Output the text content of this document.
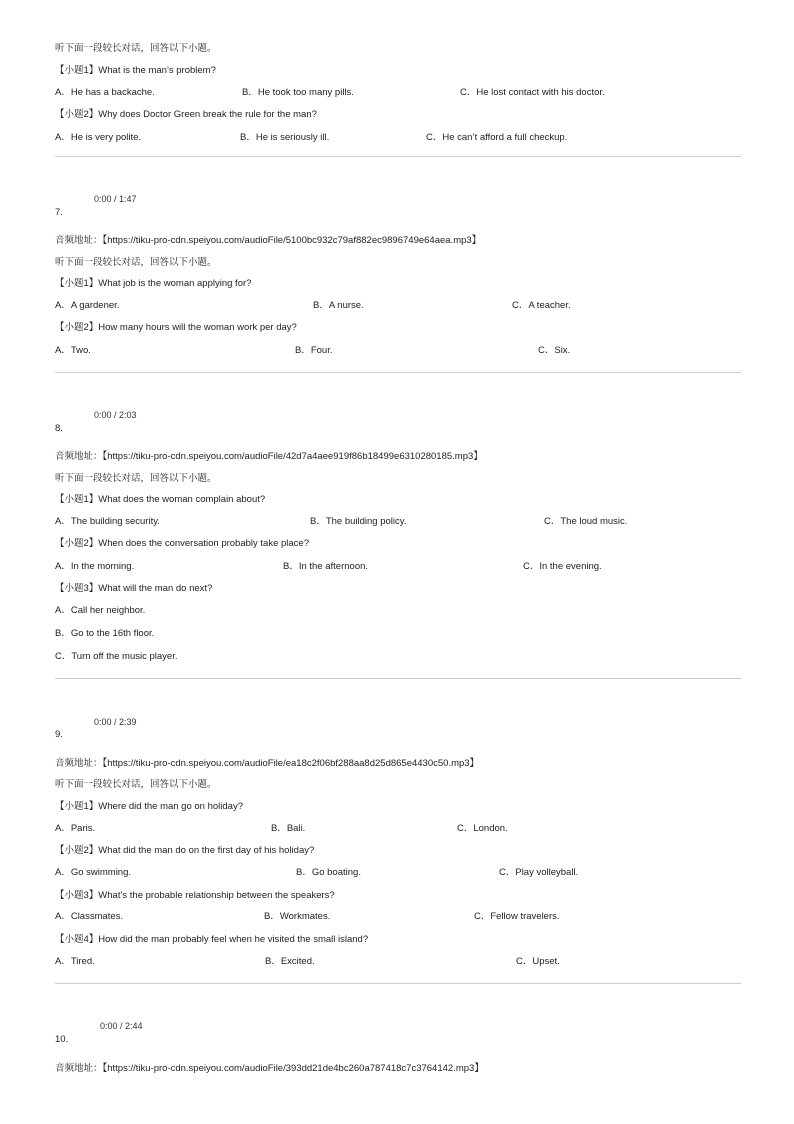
听下面一段较长对话，回答以下小题。
【小题1】What is the man’s problem?
A．He has a backache.	B．He took too many pills.	C．He lost contact with his doctor.
【小题2】Why does Doctor Green break the rule for the man?
A．He is very polite.	B．He is seriously ill.	C．He can’t afford a full checkup.
0:00 / 1:47
7.
音频地址：【https://tiku-pro-cdn.speiyou.com/audioFile/5100bc932c79af882ec9896749e64aea.mp3】
听下面一段较长对话，回答以下小题。
【小题1】What job is the woman applying for?
A．A gardener.	B．A nurse.	C．A teacher.
【小题2】How many hours will the woman work per day?
A．Two.	B．Four.	C．Six.
0:00 / 2:03
8.
音频地址：【https://tiku-pro-cdn.speiyou.com/audioFile/42d7a4aee919f86b18499e6310280185.mp3】
听下面一段较长对话，回答以下小题。
【小题1】What does the woman complain about?
A．The building security.	B．The building policy.	C．The loud music.
【小题2】When does the conversation probably take place?
A．In the morning.	B．In the afternoon.	C．In the evening.
【小题3】What will the man do next?
A．Call her neighbor.
B．Go to the 16th floor.
C．Turn off the music player.
0:00 / 2:39
9.
音频地址：【https://tiku-pro-cdn.speiyou.com/audioFile/ea18c2f06bf288aa8d25d865e4430c50.mp3】
听下面一段较长对话，回答以下小题。
【小题1】Where did the man go on holiday?
A．Paris.	B．Bali.	C．London.
【小题2】What did the man do on the first day of his holiday?
A．Go swimming.	B．Go boating.	C．Play volleyball.
【小题3】What’s the probable relationship between the speakers?
A．Classmates.	B．Workmates.	C．Fellow travelers.
【小题4】How did the man probably feel when he visited the small island?
A．Tired.	B．Excited.	C．Upset.
0:00 / 2:44
10.
音频地址：【https://tiku-pro-cdn.speiyou.com/audioFile/393dd21de4bc260a787418c7c3764142.mp3】
